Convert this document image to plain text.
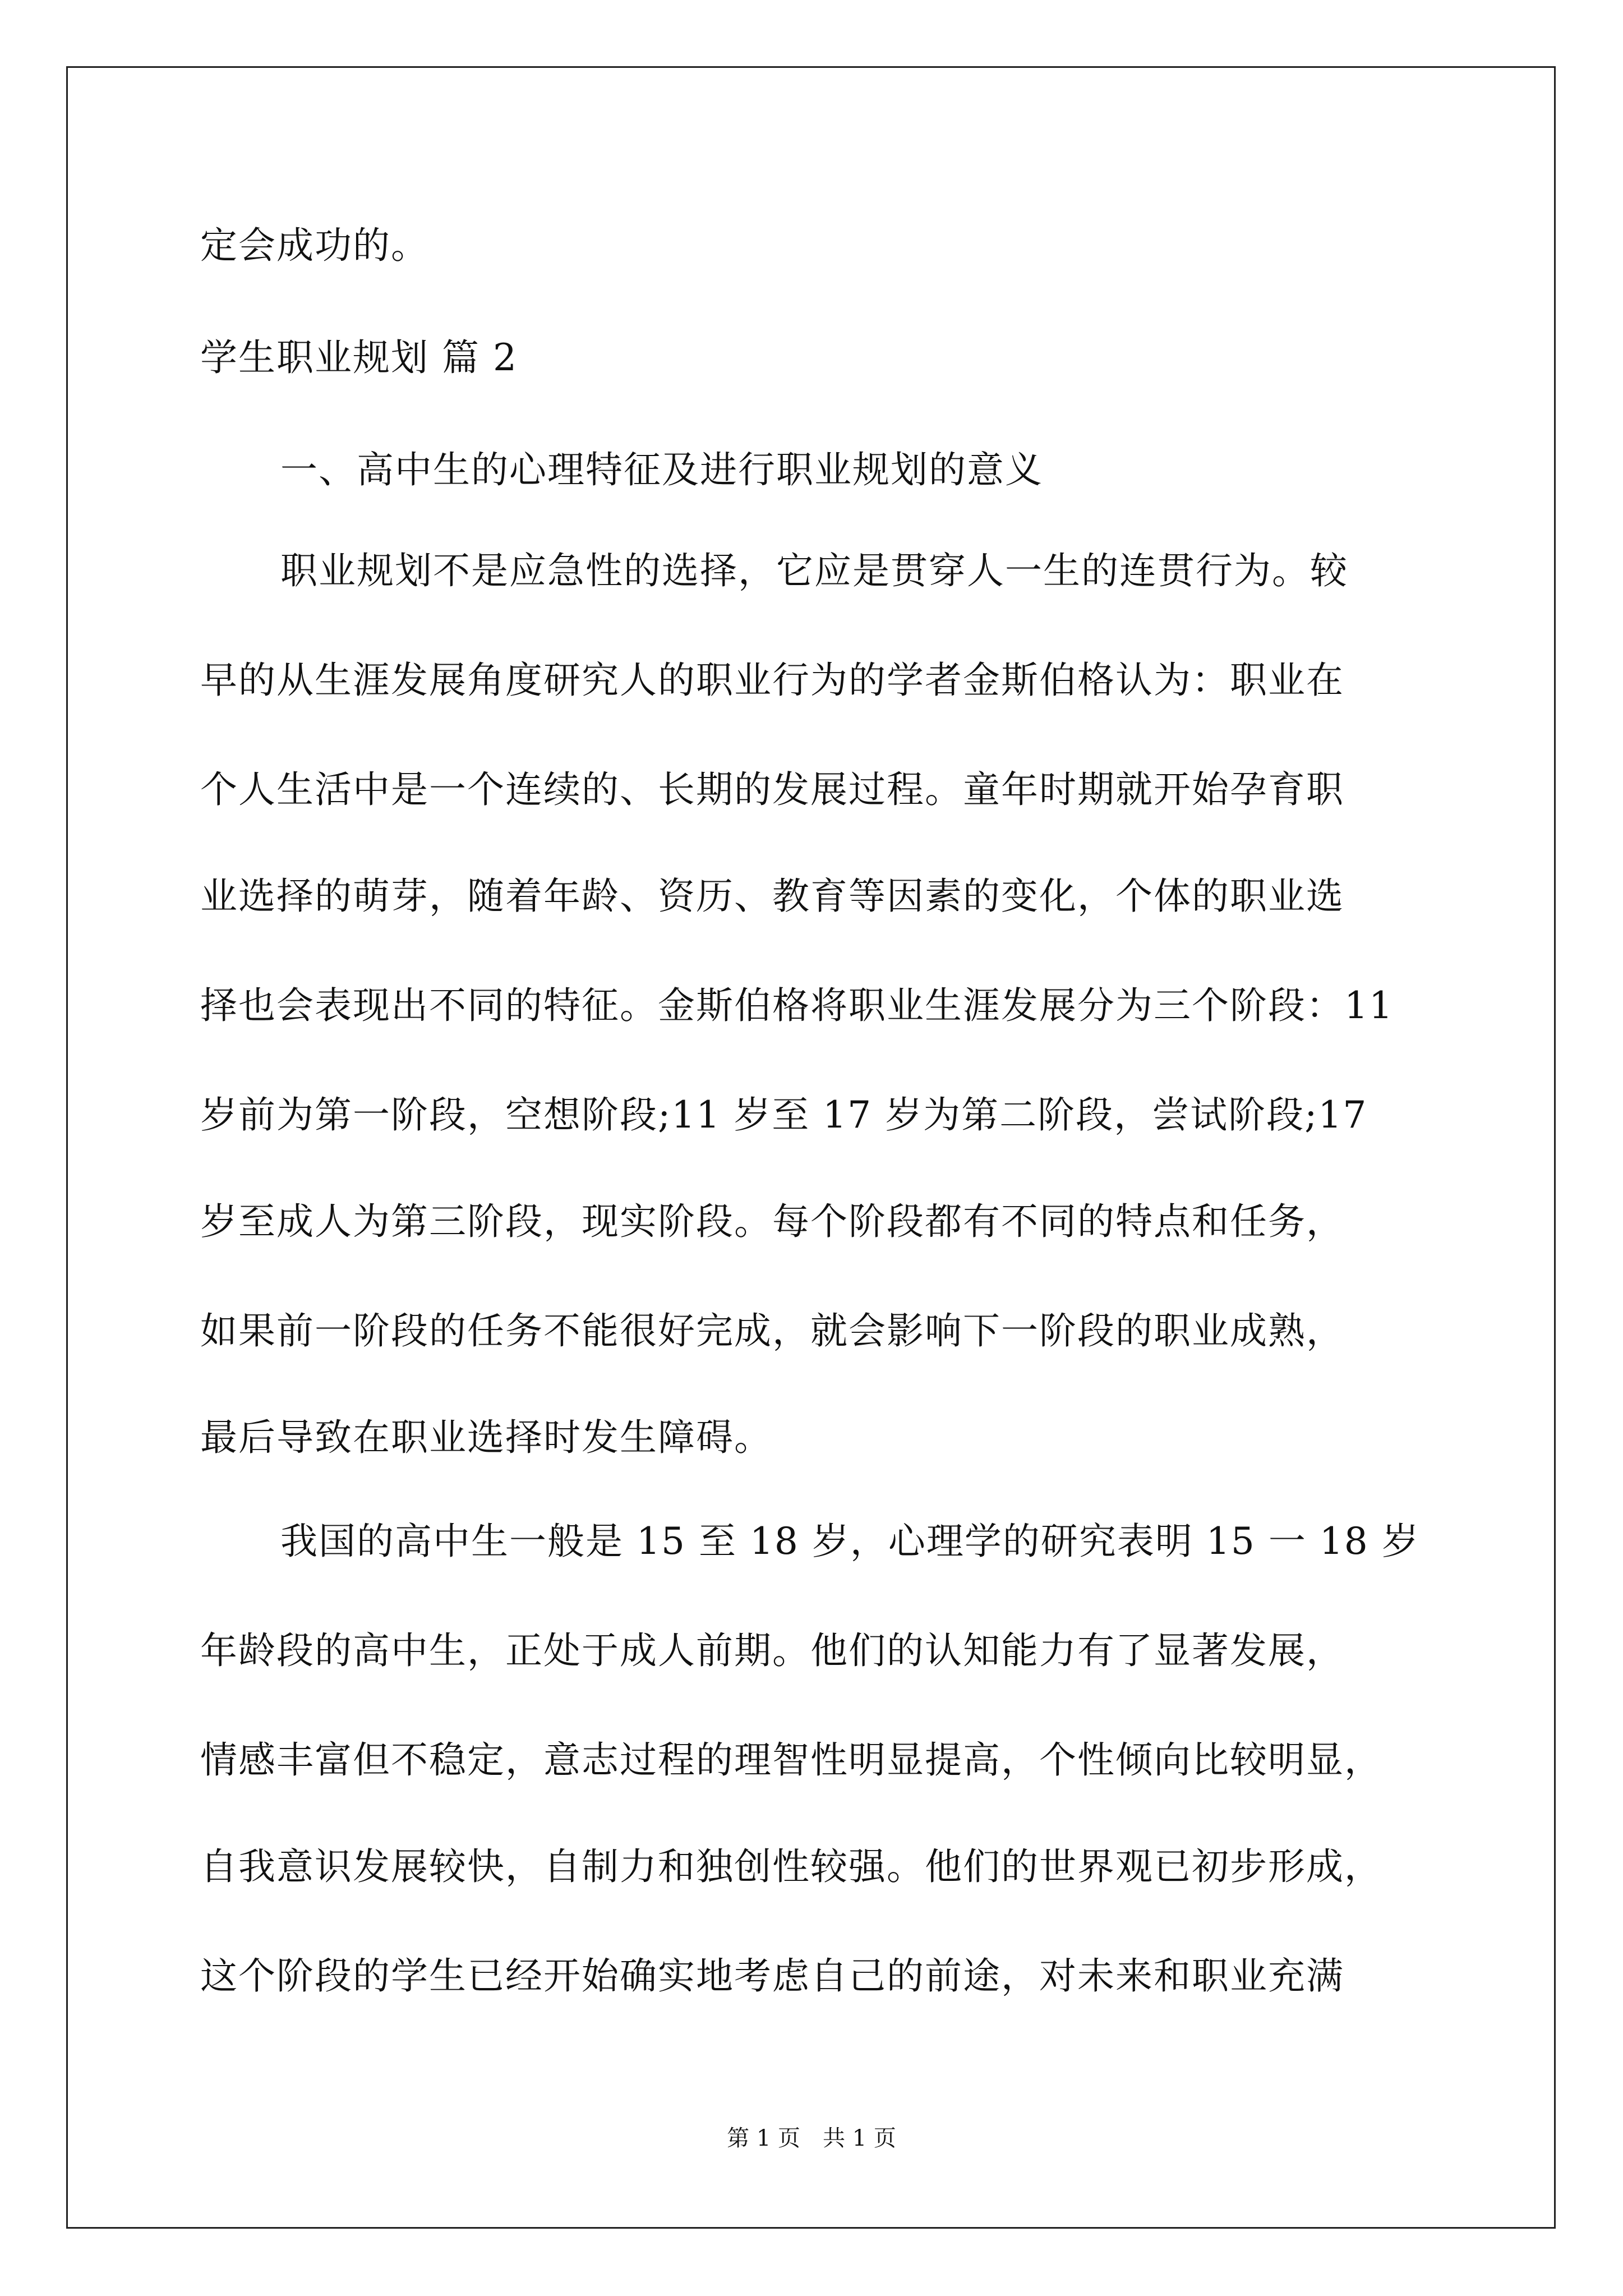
定会成功的。
学生职业规划 篇 2
一、高中生的心理特征及进行职业规划的意义
职业规划不是应急性的选择，它应是贯穿人一生的连贯行为。较
早的从生涯发展角度研究人的职业行为的学者金斯伯格认为：职业在
个人生活中是一个连续的、长期的发展过程。童年时期就开始孕育职
业选择的萌芽，随着年龄、资历、教育等因素的变化，个体的职业选
择也会表现出不同的特征。金斯伯格将职业生涯发展分为三个阶段：11
岁前为第一阶段，空想阶段;11 岁至 17 岁为第二阶段，尝试阶段;17
岁至成人为第三阶段，现实阶段。每个阶段都有不同的特点和任务，
如果前一阶段的任务不能很好完成，就会影响下一阶段的职业成熟，
最后导致在职业选择时发生障碍。
我国的高中生一般是 15 至 18 岁，心理学的研究表明 15 一 18 岁
年龄段的高中生，正处于成人前期。他们的认知能力有了显著发展，
情感丰富但不稳定，意志过程的理智性明显提高，个性倾向比较明显，
自我意识发展较快，自制力和独创性较强。他们的世界观已初步形成，
这个阶段的学生已经开始确实地考虑自己的前途，对未来和职业充满
第 1 页　共 1 页
